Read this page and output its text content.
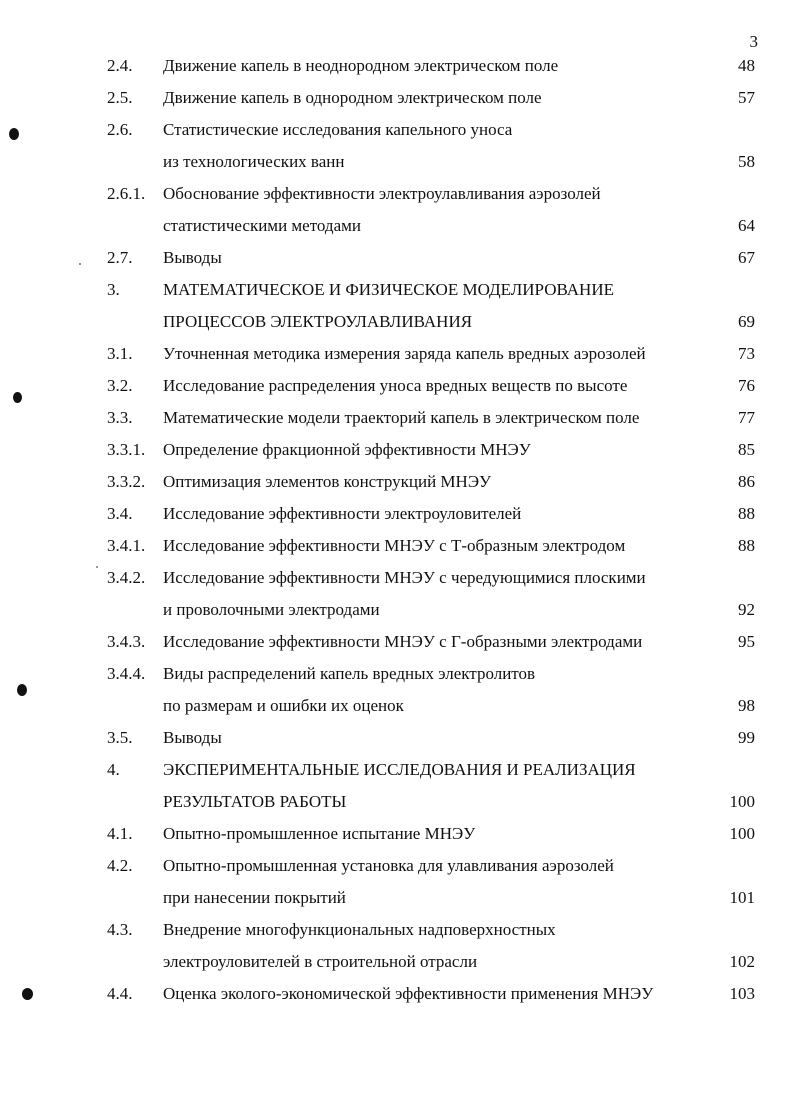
3
2.4. Движение капель в неоднородном электрическом поле	48
2.5. Движение капель в однородном электрическом поле	57
2.6. Статистические исследования капельного уноса
из технологических ванн	58
2.6.1. Обоснование эффективности электроулавливания аэрозолей
статистическими методами	64
2.7. Выводы	67
3.	МАТЕМАТИЧЕСКОЕ И ФИЗИЧЕСКОЕ МОДЕЛИРОВАНИЕ
ПРОЦЕССОВ ЭЛЕКТРОУЛАВЛИВАНИЯ	69
3.1. Уточненная методика измерения заряда капель вредных аэрозолей	73
3.2. Исследование распределения уноса вредных веществ по высоте	76
3.3. Математические модели траекторий капель в электрическом поле	77
3.3.1. Определение фракционной эффективности МНЭУ	85
3.3.2. Оптимизация элементов конструкций МНЭУ	86
3.4. Исследование эффективности электроуловителей	88
3.4.1. Исследование эффективности МНЭУ с Т-образным электродом	88
3.4.2. Исследование эффективности МНЭУ с чередующимися плоскими
и проволочными электродами	92
3.4.3. Исследование эффективности МНЭУ с Г-образными электродами	95
3.4.4. Виды распределений капель вредных электролитов
по размерам и ошибки их оценок	98
3.5. Выводы	99
4.	ЭКСПЕРИМЕНТАЛЬНЫЕ ИССЛЕДОВАНИЯ И РЕАЛИЗАЦИЯ
РЕЗУЛЬТАТОВ РАБОТЫ	100
4.1. Опытно-промышленное испытание МНЭУ	100
4.2. Опытно-промышленная установка для улавливания аэрозолей
при нанесении покрытий	101
4.3. Внедрение многофункциональных надповерхностных
электроуловителей в строительной отрасли	102
4.4. Оценка эколого-экономической эффективности применения МНЭУ	103
